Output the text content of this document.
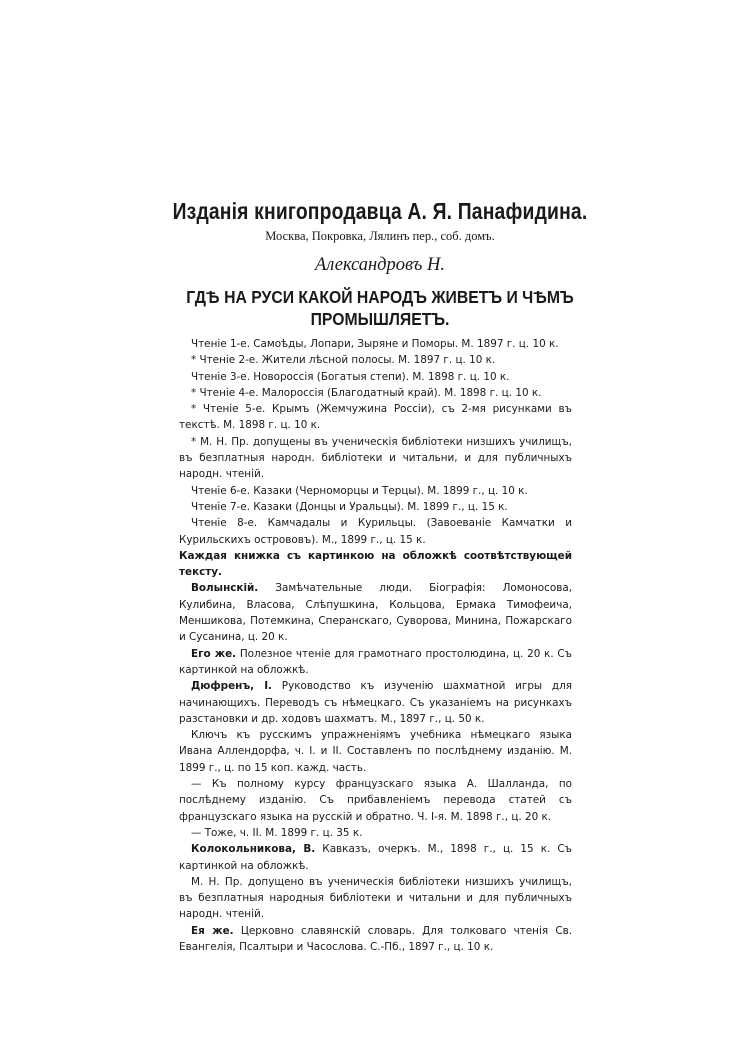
Изданія книгопродавца А. Я. Панафидина.
Москва, Покровка, Лялинъ пер., соб. домъ.
Александровъ Н.
ГДѢ НА РУСИ КАКОЙ НАРОДЪ ЖИВЕТЪ И ЧѢМЪ
ПРОМЫШЛЯЕТЪ.

Чтеніе 1-е. Самоѣды, Лопари, Зыряне и Поморы. М. 1897 г. ц. 10 к.

* Чтеніе 2-е. Жители лѣсной полосы. М. 1897 г. ц. 10 к.

Чтеніе 3-е. Новороссія (Богатыя степи). М. 1898 г. ц. 10 к.

* Чтеніе 4-е. Малороссія (Благодатный край). М. 1898 г. ц. 10 к.

* Чтеніе 5-е. Крымъ (Жемчужина Россіи), съ 2-мя рисунками въ текстѣ. М. 1898 г. ц. 10 к.

* М. Н. Пр. допущены въ ученическія библіотеки низшихъ училищъ, въ безплатныя народн. библіотеки и читальни, и для публичныхъ народн. чтеній.

Чтеніе 6-е. Казаки (Черноморцы и Терцы). М. 1899 г., ц. 10 к.

Чтеніе 7-е. Казаки (Донцы и Уральцы). М. 1899 г., ц. 15 к.

Чтеніе 8-е. Камчадалы и Курильцы. (Завоеваніе Камчатки и Курильскихъ острововъ). М., 1899 г., ц. 15 к.

Каждая книжка съ картинкою на обложкѣ соотвѣтствующей тексту.

Волынскій. Замѣчательные люди. Біографія: Ломоносова, Кулибина, Власова, Слѣпушкина, Кольцова, Ермака Тимофеича, Меншикова, Потемкина, Сперанскаго, Суворова, Минина, Пожарскаго и Сусанина, ц. 20 к.

Его же. Полезное чтеніе для грамотнаго простолюдина, ц. 20 к. Съ картинкой на обложкѣ.

Дюфренъ, І. Руководство къ изученію шахматной игры для начинающихъ. Переводъ съ нѣмецкаго. Съ указаніемъ на рисункахъ разстановки и др. ходовъ шахматъ. М., 1897 г., ц. 50 к.

Ключъ къ русскимъ упражненіямъ учебника нѣмецкаго языка Ивана Аллендорфа, ч. I. и II. Составленъ по послѣднему изданію. М. 1899 г., ц. по 15 коп. кажд. часть.

— Къ полному курсу французскаго языка А. Шалланда, по послѣднему изданію. Съ прибавленіемъ перевода статей съ французскаго языка на русскій и обратно. Ч. I-я. М. 1898 г., ц. 20 к.

— Тоже, ч. II. М. 1899 г. ц. 35 к.

Колокольникова, В. Кавказъ, очеркъ. М., 1898 г., ц. 15 к. Съ картинкой на обложкѣ.

М. Н. Пр. допущено въ ученическія библіотеки низшихъ училищъ, въ безплатныя народныя библіотеки и читальни и для публичныхъ народн. чтеній.

Ея же. Церковно славянскій словарь. Для толковаго чтенія Св. Евангелія, Псалтыри и Часослова. С.-Пб., 1897 г., ц. 10 к.
